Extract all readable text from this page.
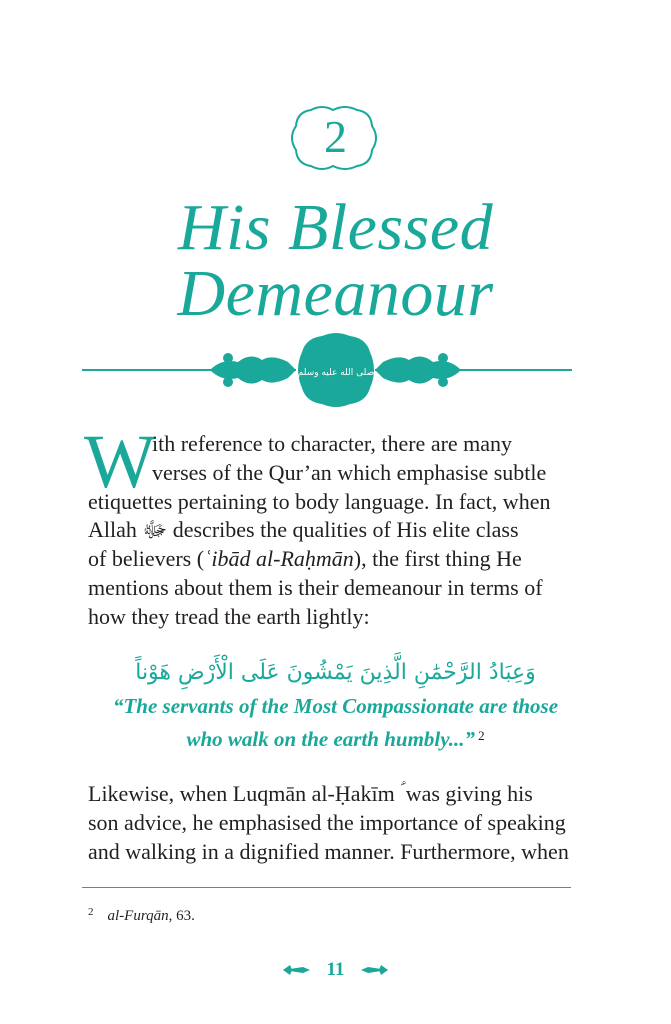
2
His Blessed
Demeanour
صلى الله عليه وسلم
W
ith reference to character, there are many
verses of the Qur’an which emphasise subtle
etiquettes pertaining to body language. In fact, when
Allah ﷻ describes the qualities of His elite class
of believers (ʿibād al-Raḥmān), the first thing He
mentions about them is their demeanour in terms of
how they tread the earth lightly:
وَعِبَادُ الرَّحْمَٰنِ الَّذِينَ يَمْشُونَ عَلَى الْأَرْضِ هَوْناً
“The servants of the Most Compassionate are those
who walk on the earth humbly...” $^2$
Likewise, when Luqmān al-Ḥakīm ؑ was giving his
son advice, he emphasised the importance of speaking
and walking in a dignified manner. Furthermore, when
$^2$ al-Furqān, 63.
11
